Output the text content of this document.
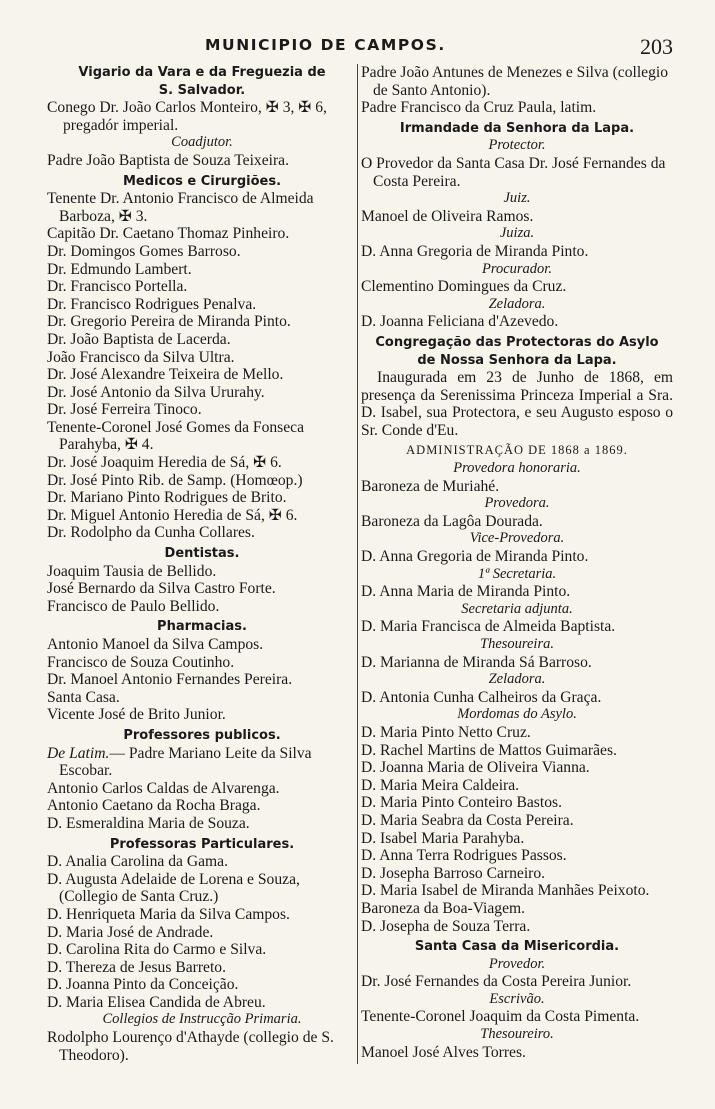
MUNICIPIO DE CAMPOS.	203
Vigario da Vara e da Freguezia de
S. Salvador.
Conego Dr. João Carlos Monteiro, ✠ 3, ✠ 6,
pregadór imperial.
Coadjutor.
Padre João Baptista de Souza Teixeira.
Medicos e Cirurgiões.
Tenente Dr. Antonio Francisco de Almeida Barboza, ✠ 3.
Capitão Dr. Caetano Thomaz Pinheiro.
Dr. Domingos Gomes Barroso.
Dr. Edmundo Lambert.
Dr. Francisco Portella.
Dr. Francisco Rodrigues Penalva.
Dr. Gregorio Pereira de Miranda Pinto.
Dr. João Baptista de Lacerda.
João Francisco da Silva Ultra.
Dr. José Alexandre Teixeira de Mello.
Dr. José Antonio da Silva Ururahy.
Dr. José Ferreira Tinoco.
Tenente-Coronel José Gomes da Fonseca Parahyba, ✠ 4.
Dr. José Joaquim Heredia de Sá, ✠ 6.
Dr. José Pinto Rib. de Samp. (Homœop.)
Dr. Mariano Pinto Rodrigues de Brito.
Dr. Miguel Antonio Heredia de Sá, ✠ 6.
Dr. Rodolpho da Cunha Collares.
Dentistas.
Joaquim Tausia de Bellido.
José Bernardo da Silva Castro Forte.
Francisco de Paulo Bellido.
Pharmacias.
Antonio Manoel da Silva Campos.
Francisco de Souza Coutinho.
Dr. Manoel Antonio Fernandes Pereira.
Santa Casa.
Vicente José de Brito Junior.
Professores publicos.
De Latim.— Padre Mariano Leite da Silva Escobar.
Antonio Carlos Caldas de Alvarenga.
Antonio Caetano da Rocha Braga.
D. Esmeraldina Maria de Souza.
Professoras Particulares.
D. Analia Carolina da Gama.
D. Augusta Adelaide de Lorena e Souza, (Collegio de Santa Cruz.)
D. Henriqueta Maria da Silva Campos.
D. Maria José de Andrade.
D. Carolina Rita do Carmo e Silva.
D. Thereza de Jesus Barreto.
D. Joanna Pinto da Conceição.
D. Maria Elisea Candida de Abreu.
Collegios de Instrucção Primaria.
Rodolpho Lourenço d'Athayde (collegio de S. Theodoro).
Padre João Antunes de Menezes e Silva (collegio de Santo Antonio).
Padre Francisco da Cruz Paula, latim.
Irmandade da Senhora da Lapa.
Protector.
O Provedor da Santa Casa Dr. José Fernandes da Costa Pereira.
Juiz.
Manoel de Oliveira Ramos.
Juiza.
D. Anna Gregoria de Miranda Pinto.
Procurador.
Clementino Domingues da Cruz.
Zeladora.
D. Joanna Feliciana d'Azevedo.
Congregação das Protectoras do Asylo
de Nossa Senhora da Lapa.
Inaugurada em 23 de Junho de 1868, em presença da Serenissima Princeza Imperial a Sra. D. Isabel, sua Protectora, e seu Augusto esposo o Sr. Conde d'Eu.
ADMINISTRAÇÃO DE 1868 a 1869.
Provedora honoraria.
Baroneza de Muriahé.
Provedora.
Baroneza da Lagôa Dourada.
Vice-Provedora.
D. Anna Gregoria de Miranda Pinto.
1ª Secretaria.
D. Anna Maria de Miranda Pinto.
Secretaria adjunta.
D. Maria Francisca de Almeida Baptista.
Thesoureira.
D. Marianna de Miranda Sá Barroso.
Zeladora.
D. Antonia Cunha Calheiros da Graça.
Mordomas do Asylo.
D. Maria Pinto Netto Cruz.
D. Rachel Martins de Mattos Guimarães.
D. Joanna Maria de Oliveira Vianna.
D. Maria Meira Caldeira.
D. Maria Pinto Conteiro Bastos.
D. Maria Seabra da Costa Pereira.
D. Isabel Maria Parahyba.
D. Anna Terra Rodrigues Passos.
D. Josepha Barroso Carneiro.
D. Maria Isabel de Miranda Manhães Peixoto.
Baroneza da Boa-Viagem.
D. Josepha de Souza Terra.
Santa Casa da Misericordia.
Provedor.
Dr. José Fernandes da Costa Pereira Junior.
Escrivão.
Tenente-Coronel Joaquim da Costa Pimenta.
Thesoureiro.
Manoel José Alves Torres.
